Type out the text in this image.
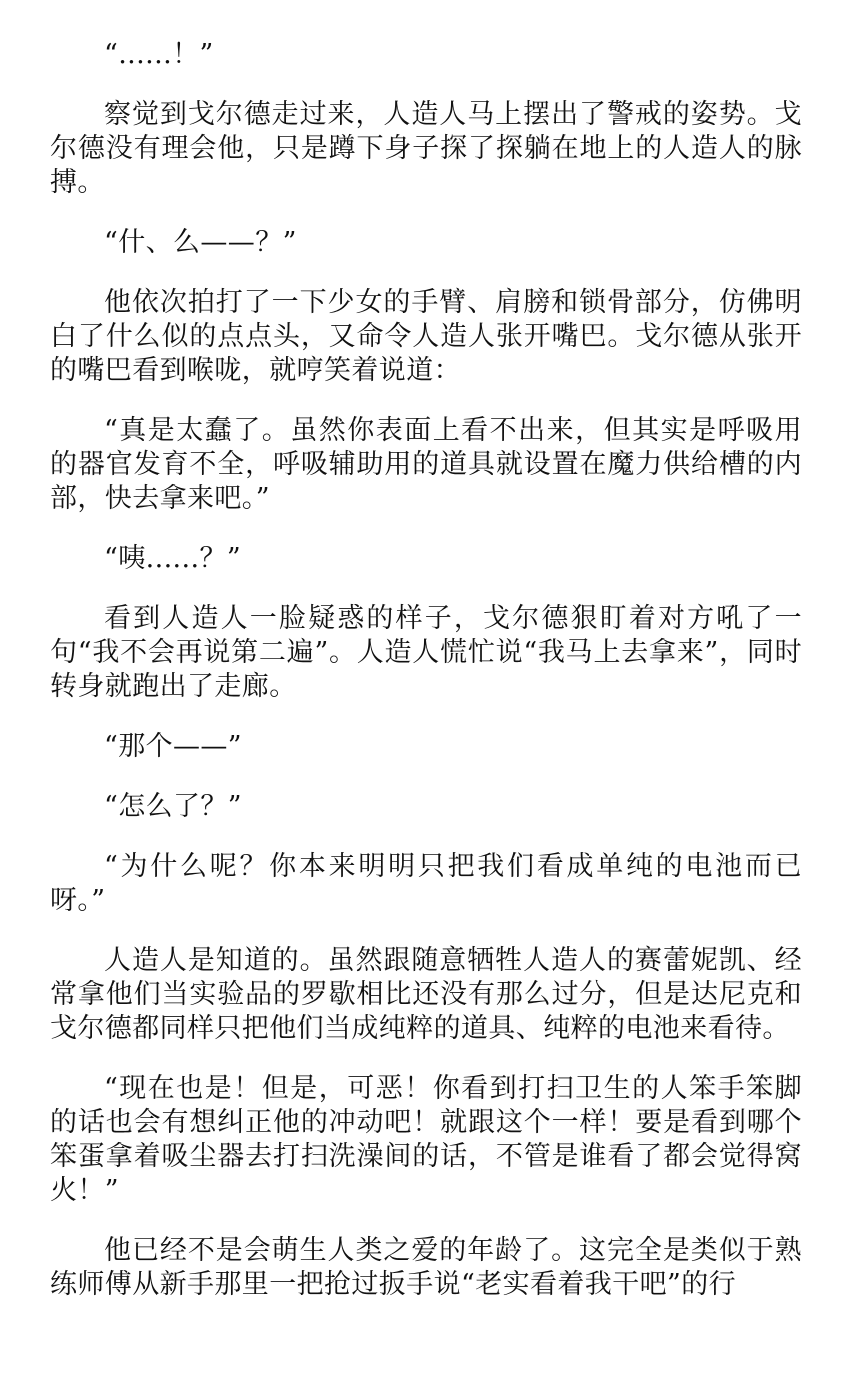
“......！”

察觉到戈尔德走过来，人造人马上摆出了警戒的姿势。戈尔德没有理会他，只是蹲下身子探了探躺在地上的人造人的脉搏。

“什、么——？”

他依次拍打了一下少女的手臂、肩膀和锁骨部分，仿佛明白了什么似的点点头，又命令人造人张开嘴巴。戈尔德从张开的嘴巴看到喉咙，就哼笑着说道：

“真是太蠢了。虽然你表面上看不出来，但其实是呼吸用的器官发育不全，呼吸辅助用的道具就设置在魔力供给槽的内部，快去拿来吧。”

“咦......？”

看到人造人一脸疑惑的样子，戈尔德狠盯着对方吼了一句“我不会再说第二遍”。人造人慌忙说“我马上去拿来”，同时转身就跑出了走廊。

“那个——”

“怎么了？”

“为什么呢？你本来明明只把我们看成单纯的电池而已呀。”

人造人是知道的。虽然跟随意牺牲人造人的赛蕾妮凯、经常拿他们当实验品的罗歇相比还没有那么过分，但是达尼克和戈尔德都同样只把他们当成纯粹的道具、纯粹的电池来看待。

“现在也是！但是，可恶！你看到打扫卫生的人笨手笨脚的话也会有想纠正他的冲动吧！就跟这个一样！要是看到哪个笨蛋拿着吸尘器去打扫洗澡间的话，不管是谁看了都会觉得窝火！”

他已经不是会萌生人类之爱的年龄了。这完全是类似于熟练师傅从新手那里一把抢过扳手说“老实看着我干吧”的行
